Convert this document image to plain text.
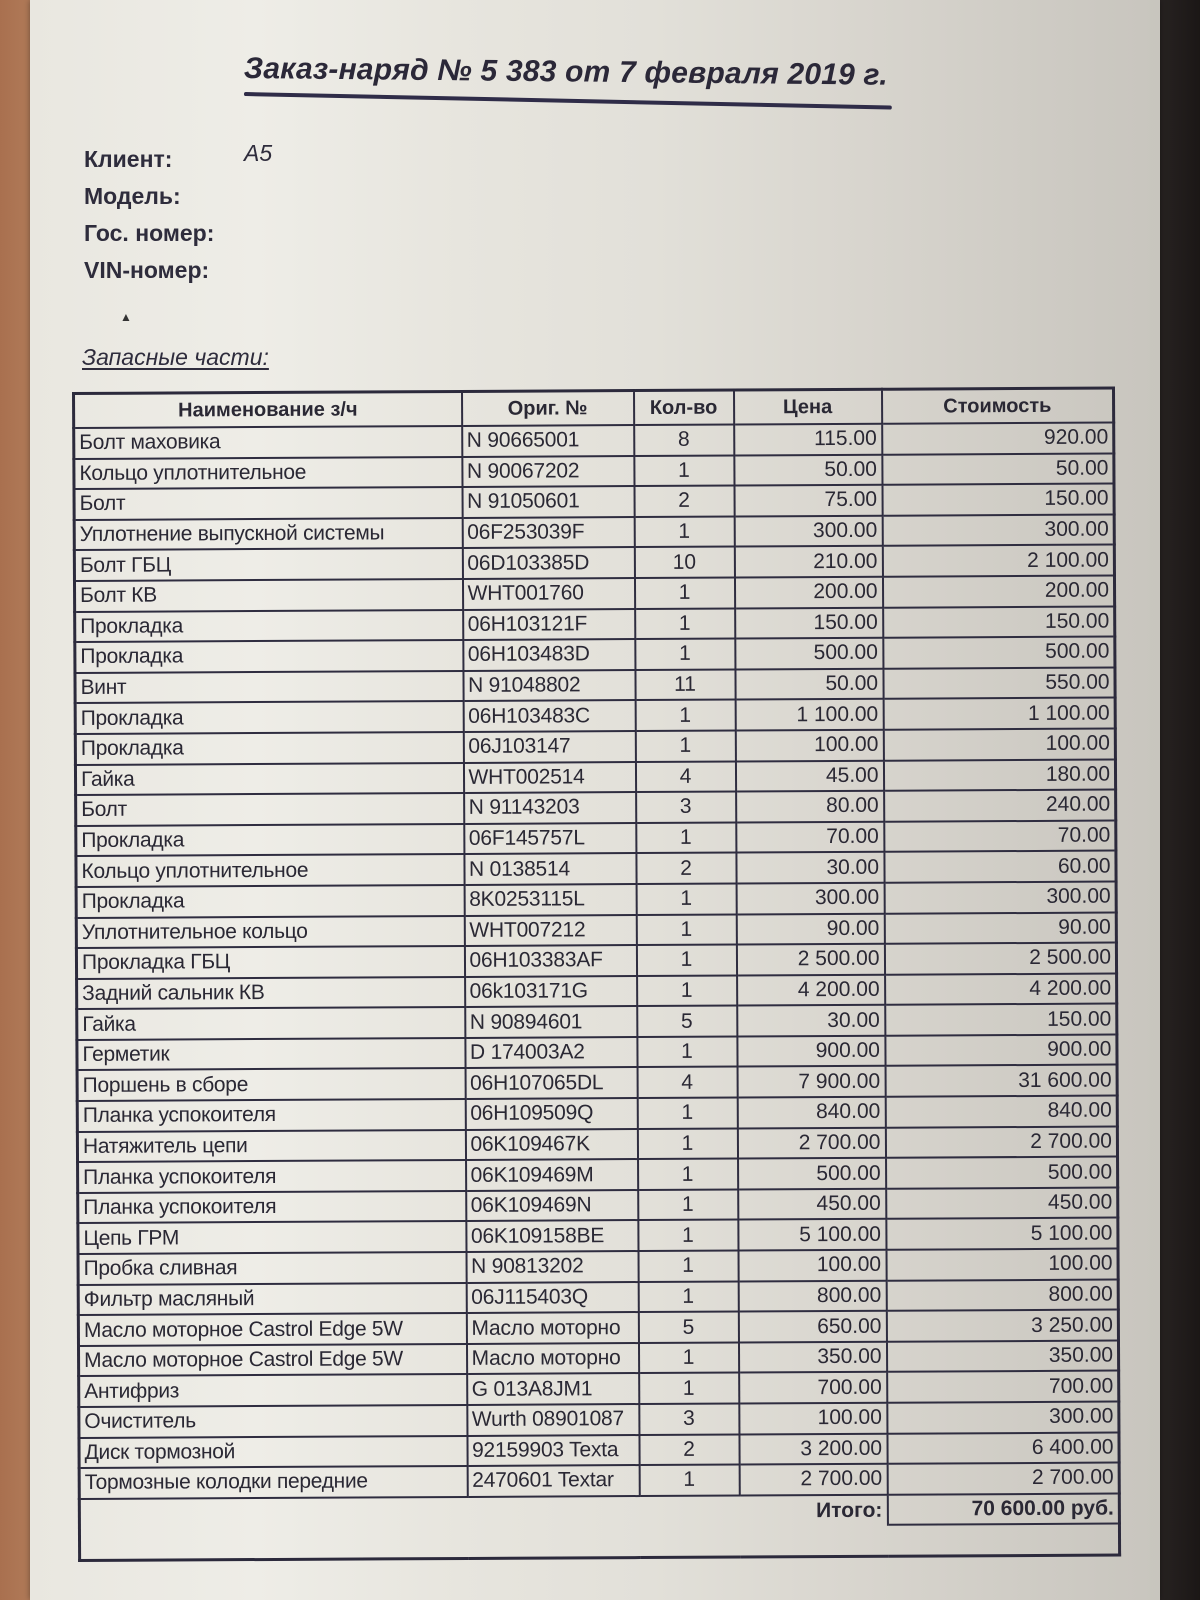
Заказ-наряд № 5 383 от 7 февраля 2019 г.
Клиент:	A5
Модель:
Гос. номер:
VIN-номер:
▲
Запасные части:
Наименование з/ч	Ориг. №	Кол-во	Цена	Стоимость
Болт маховика	N 90665001	8	115.00	920.00
Кольцо уплотнительное	N 90067202	1	50.00	50.00
Болт	N 91050601	2	75.00	150.00
Уплотнение выпускной системы	06F253039F	1	300.00	300.00
Болт ГБЦ	06D103385D	10	210.00	2 100.00
Болт КВ	WHT001760	1	200.00	200.00
Прокладка	06H103121F	1	150.00	150.00
Прокладка	06H103483D	1	500.00	500.00
Винт	N 91048802	11	50.00	550.00
Прокладка	06H103483C	1	1 100.00	1 100.00
Прокладка	06J103147	1	100.00	100.00
Гайка	WHT002514	4	45.00	180.00
Болт	N 91143203	3	80.00	240.00
Прокладка	06F145757L	1	70.00	70.00
Кольцо уплотнительное	N 0138514	2	30.00	60.00
Прокладка	8K0253115L	1	300.00	300.00
Уплотнительное кольцо	WHT007212	1	90.00	90.00
Прокладка ГБЦ	06H103383AF	1	2 500.00	2 500.00
Задний сальник КВ	06k103171G	1	4 200.00	4 200.00
Гайка	N 90894601	5	30.00	150.00
Герметик	D 174003A2	1	900.00	900.00
Поршень в сборе	06H107065DL	4	7 900.00	31 600.00
Планка успокоителя	06H109509Q	1	840.00	840.00
Натяжитель цепи	06K109467K	1	2 700.00	2 700.00
Планка успокоителя	06K109469M	1	500.00	500.00
Планка успокоителя	06K109469N	1	450.00	450.00
Цепь ГРМ	06K109158BE	1	5 100.00	5 100.00
Пробка сливная	N 90813202	1	100.00	100.00
Фильтр масляный	06J115403Q	1	800.00	800.00
Масло моторное Castrol Edge 5W	Масло моторно	5	650.00	3 250.00
Масло моторное Castrol Edge 5W	Масло моторно	1	350.00	350.00
Антифриз	G 013A8JM1	1	700.00	700.00
Очиститель	Wurth 08901087	3	100.00	300.00
Диск тормозной	92159903 Texta	2	3 200.00	6 400.00
Тормозные колодки передние	2470601 Textar	1	2 700.00	2 700.00
			Итого:	70 600.00 руб.
